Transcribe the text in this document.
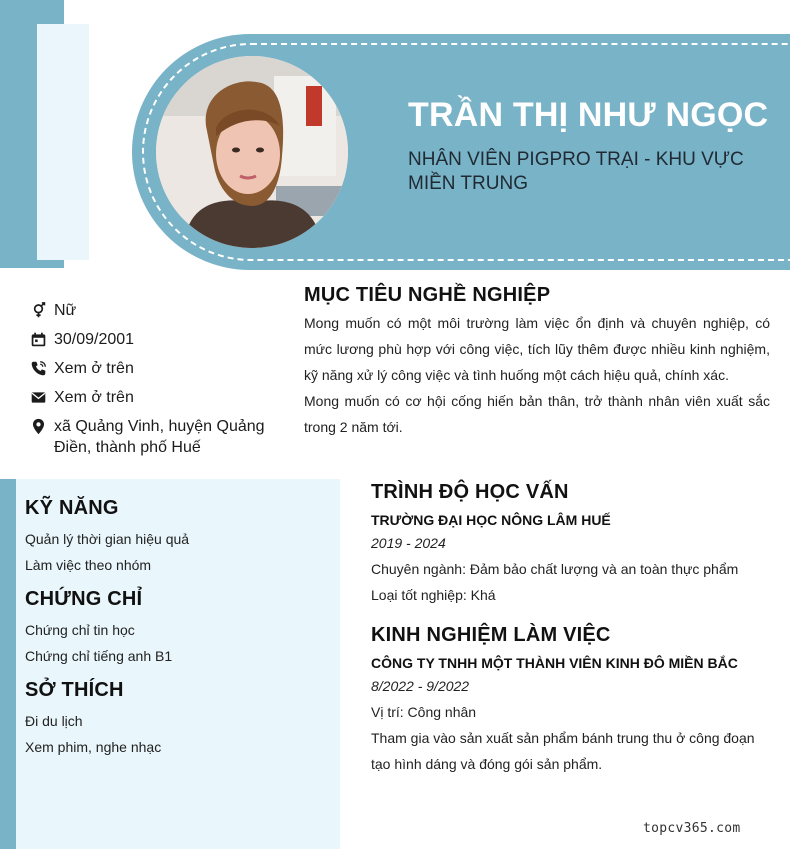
TRẦN THỊ NHƯ NGỌC
NHÂN VIÊN PIGPRO TRẠI - KHU VỰC MIỀN TRUNG
Nữ
30/09/2001
Xem ở trên
Xem ở trên
xã Quảng Vinh, huyện Quảng Điền, thành phố Huế
MỤC TIÊU NGHỀ NGHIỆP

Mong muốn có một môi trường làm việc ổn định và chuyên nghiệp, có mức lương phù hợp với công việc, tích lũy thêm được nhiều kinh nghiệm, kỹ năng xử lý công việc và tình huống một cách hiệu quả, chính xác.

Mong muốn có cơ hội cống hiến bản thân, trở thành nhân viên xuất sắc trong 2 năm tới.

KỸ NĂNG
Quản lý thời gian hiệu quả
Làm việc theo nhóm
CHỨNG CHỈ
Chứng chỉ tin học
Chứng chỉ tiếng anh B1
SỞ THÍCH
Đi du lịch
Xem phim, nghe nhạc
TRÌNH ĐỘ HỌC VẤN
TRƯỜNG ĐẠI HỌC NÔNG LÂM HUẾ
2019 - 2024
Chuyên ngành: Đảm bảo chất lượng và an toàn thực phẩm
Loại tốt nghiệp: Khá
KINH NGHIỆM LÀM VIỆC
CÔNG TY TNHH MỘT THÀNH VIÊN KINH ĐÔ MIỀN BẮC
8/2022 - 9/2022
Vị trí: Công nhân
Tham gia vào sản xuất sản phẩm bánh trung thu ở công đoạn tạo hình dáng và đóng gói sản phẩm.
topcv365.com
